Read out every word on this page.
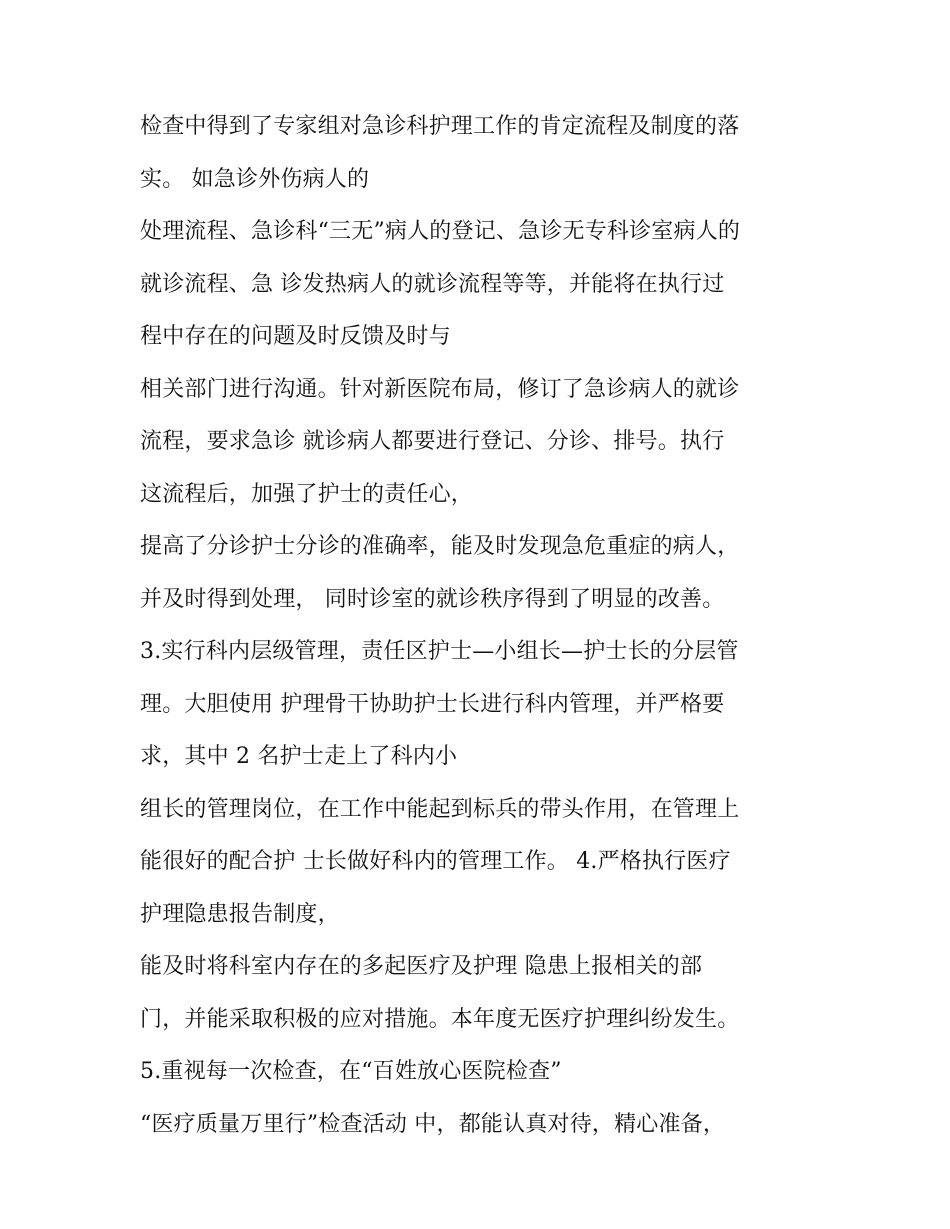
检查中得到了专家组对急诊科护理工作的肯定流程及制度的落
实。 如急诊外伤病人的
处理流程、急诊科“三无”病人的登记、急诊无专科诊室病人的
就诊流程、急 诊发热病人的就诊流程等等，并能将在执行过
程中存在的问题及时反馈及时与
相关部门进行沟通。针对新医院布局，修订了急诊病人的就诊
流程，要求急诊 就诊病人都要进行登记、分诊、排号。执行
这流程后，加强了护士的责任心，
提高了分诊护士分诊的准确率，能及时发现急危重症的病人，
并及时得到处理， 同时诊室的就诊秩序得到了明显的改善。
3.实行科内层级管理，责任区护士—小组长—护士长的分层管
理。大胆使用 护理骨干协助护士长进行科内管理，并严格要
求，其中 2 名护士走上了科内小
组长的管理岗位，在工作中能起到标兵的带头作用，在管理上
能很好的配合护 士长做好科内的管理工作。 4.严格执行医疗
护理隐患报告制度，
能及时将科室内存在的多起医疗及护理 隐患上报相关的部
门，并能采取积极的应对措施。本年度无医疗护理纠纷发生。
5.重视每一次检查，在“百姓放心医院检查”
“医疗质量万里行”检查活动 中，都能认真对待，精心准备，
